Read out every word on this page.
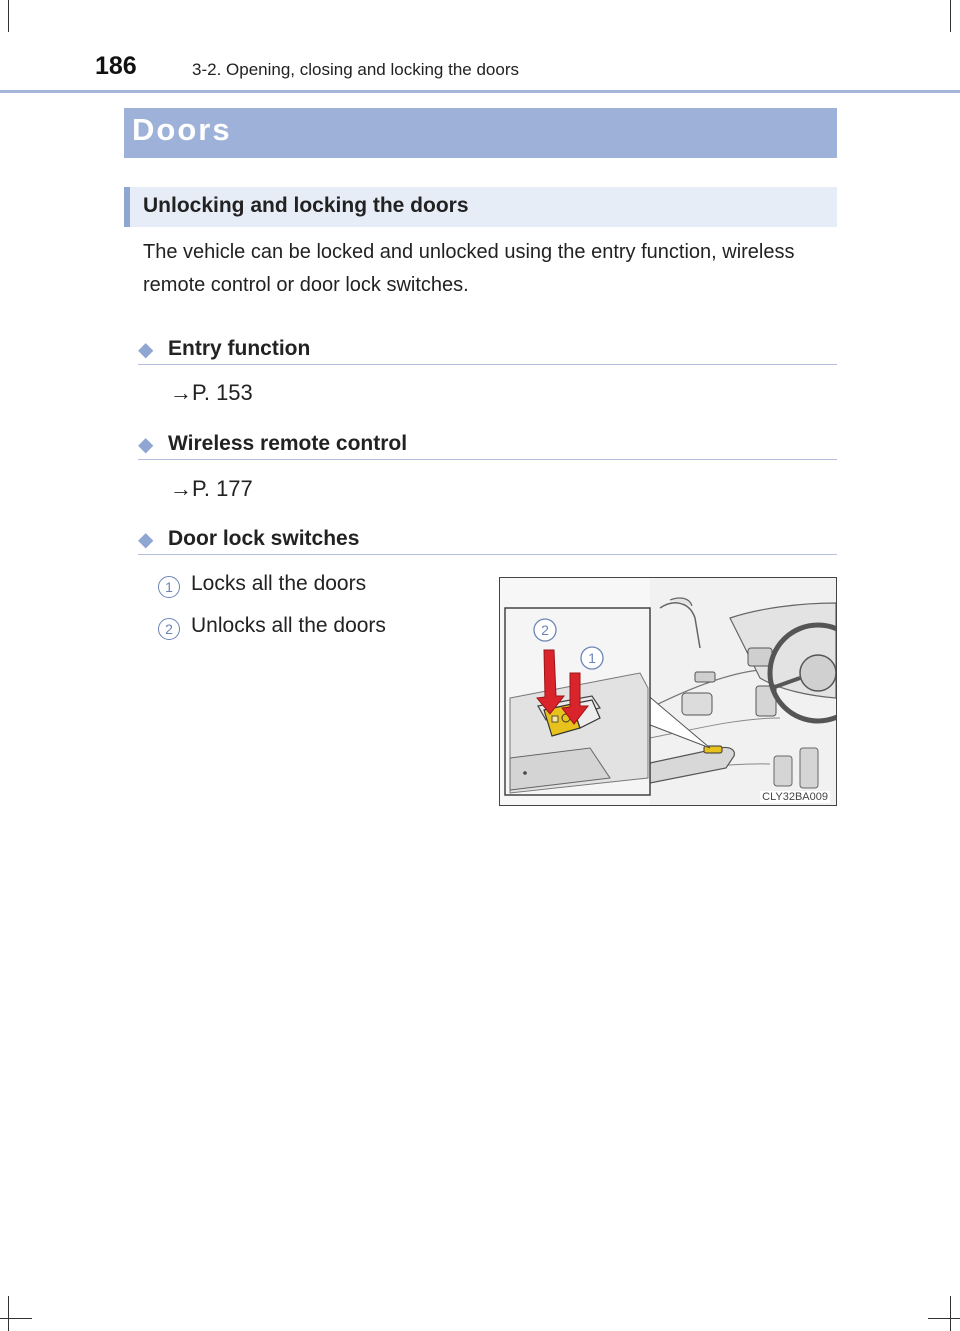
186	3-2. Opening, closing and locking the doors
Doors
Unlocking and locking the doors
The vehicle can be locked and unlocked using the entry function, wireless remote control or door lock switches.
◆ Entry function
→P. 153
◆ Wireless remote control
→P. 177
◆ Door lock switches
1 Locks all the doors
2 Unlocks all the doors	2
1
CLY32BA009
